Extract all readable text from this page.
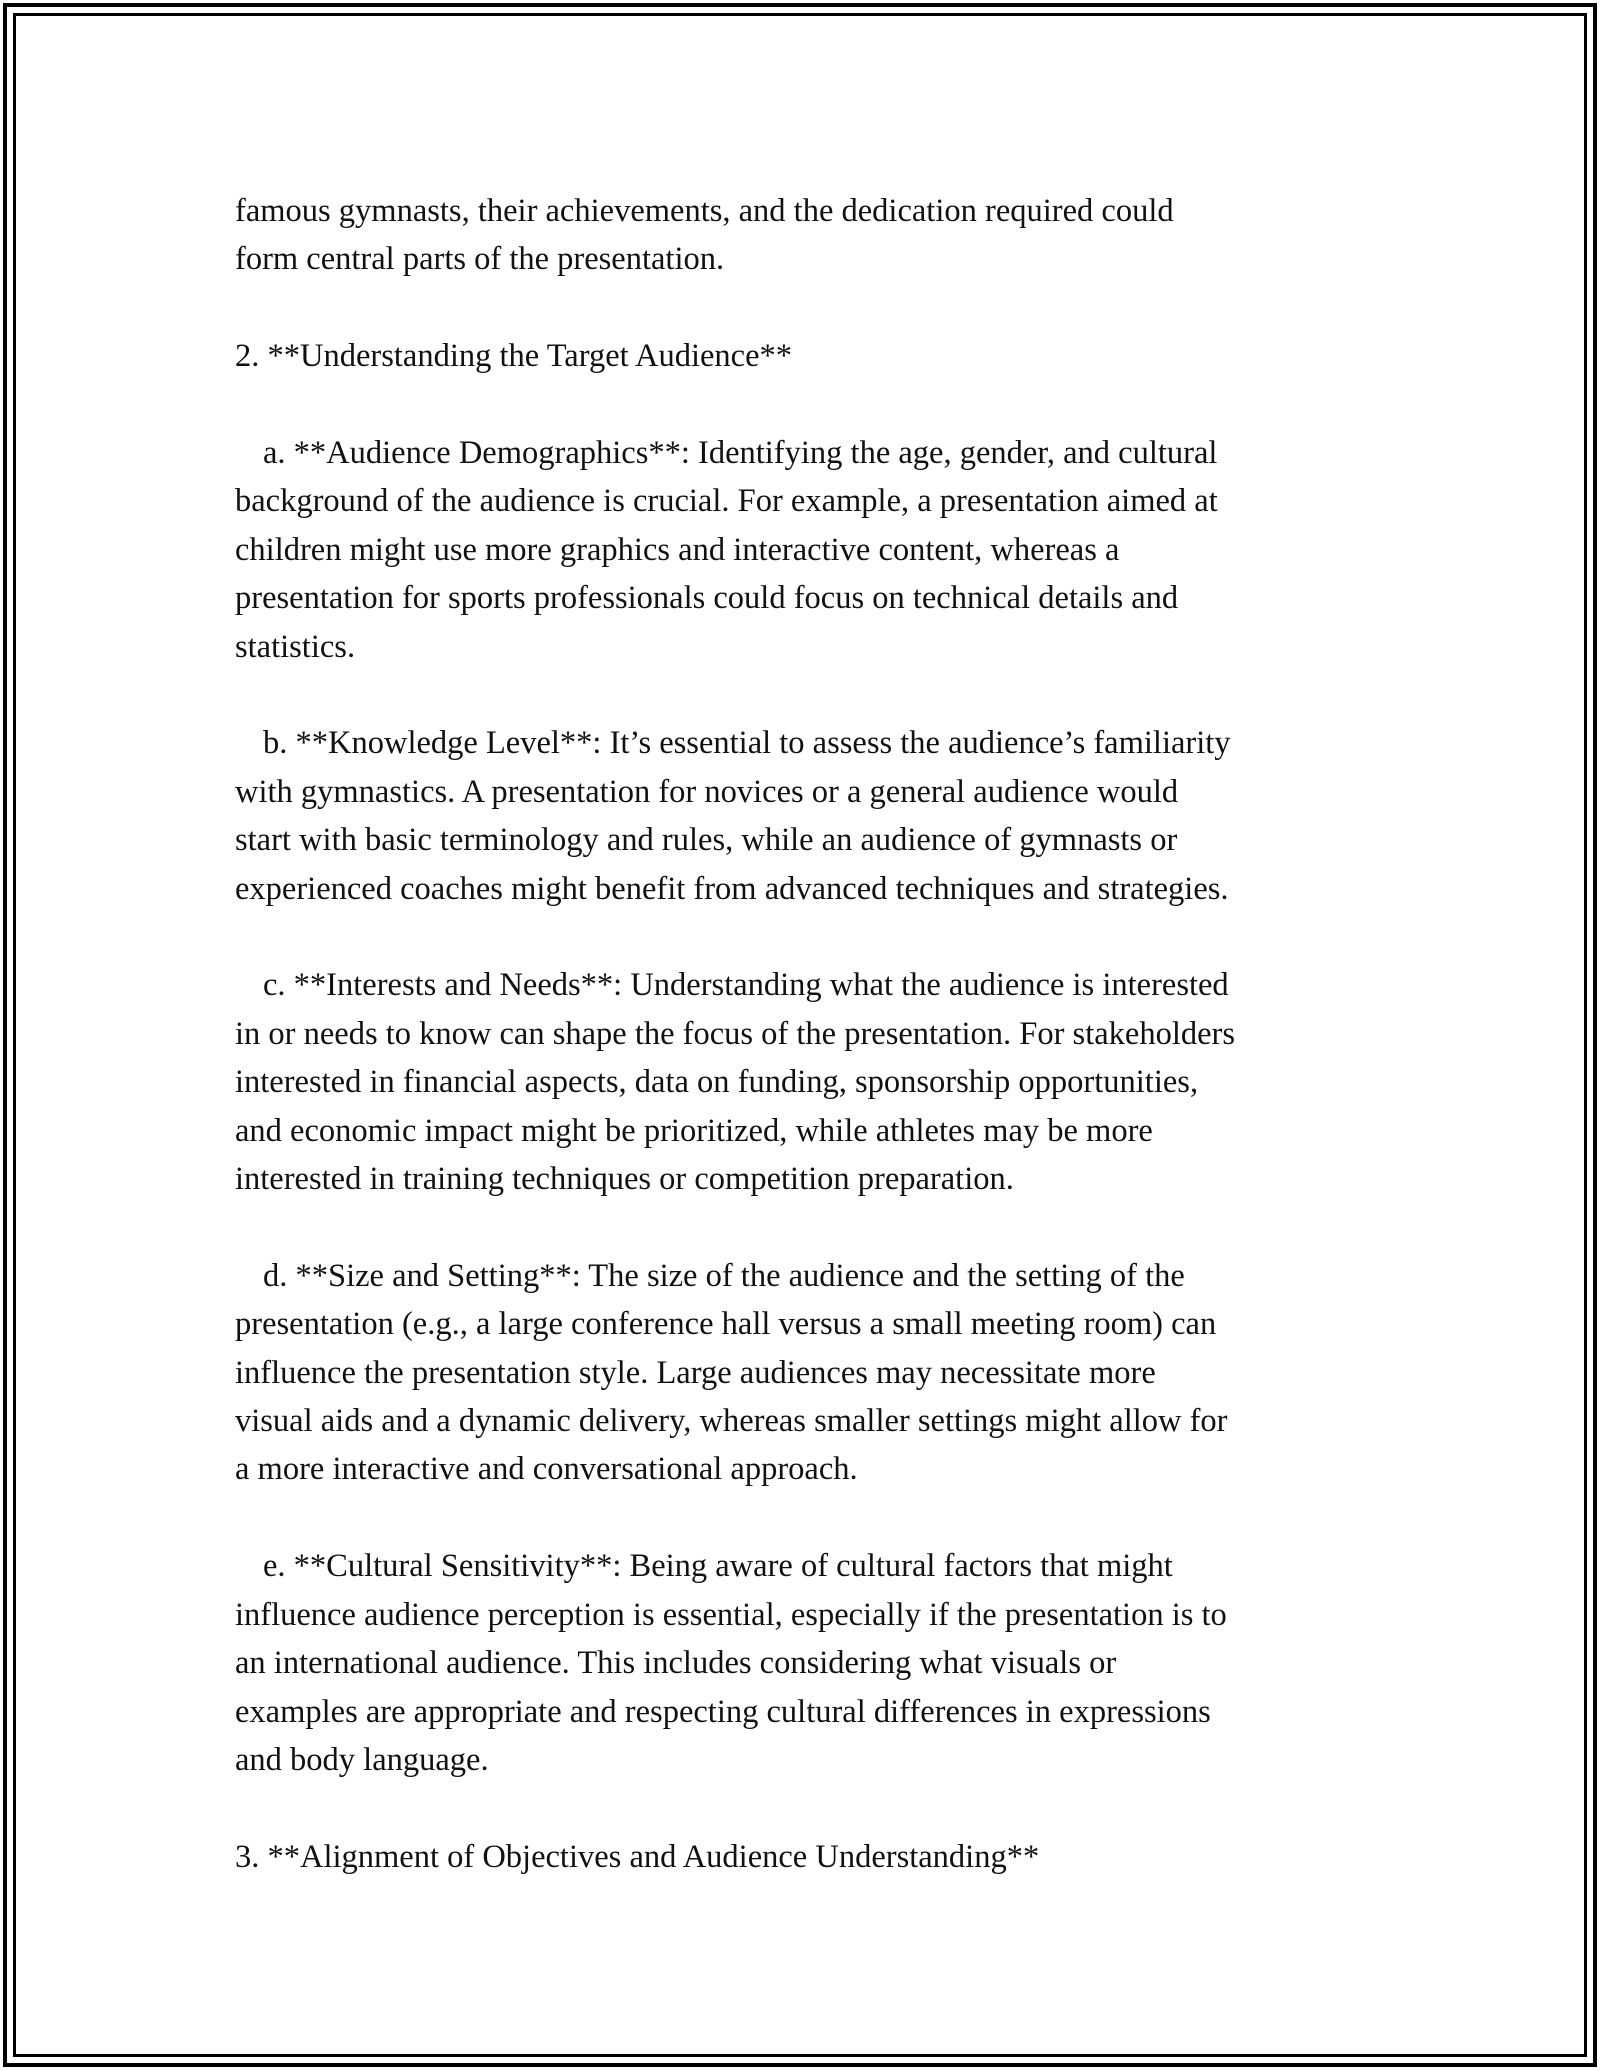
famous gymnasts, their achievements, and the dedication required could
form central parts of the presentation.

2. **Understanding the Target Audience**

a. **Audience Demographics**: Identifying the age, gender, and cultural
background of the audience is crucial. For example, a presentation aimed at
children might use more graphics and interactive content, whereas a
presentation for sports professionals could focus on technical details and
statistics.

b. **Knowledge Level**: It’s essential to assess the audience’s familiarity
with gymnastics. A presentation for novices or a general audience would
start with basic terminology and rules, while an audience of gymnasts or
experienced coaches might benefit from advanced techniques and strategies.

c. **Interests and Needs**: Understanding what the audience is interested
in or needs to know can shape the focus of the presentation. For stakeholders
interested in financial aspects, data on funding, sponsorship opportunities,
and economic impact might be prioritized, while athletes may be more
interested in training techniques or competition preparation.

d. **Size and Setting**: The size of the audience and the setting of the
presentation (e.g., a large conference hall versus a small meeting room) can
influence the presentation style. Large audiences may necessitate more
visual aids and a dynamic delivery, whereas smaller settings might allow for
a more interactive and conversational approach.

e. **Cultural Sensitivity**: Being aware of cultural factors that might
influence audience perception is essential, especially if the presentation is to
an international audience. This includes considering what visuals or
examples are appropriate and respecting cultural differences in expressions
and body language.

3. **Alignment of Objectives and Audience Understanding**
